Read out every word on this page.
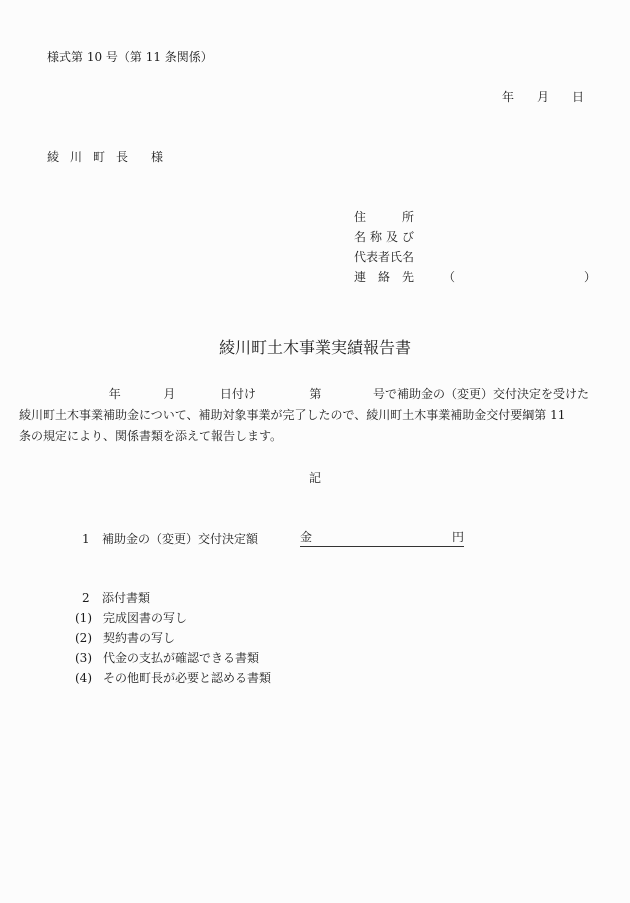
様式第 10 号（第 11 条関係）
年	月	日
綾 川 町 長	様
住	所
名 称 及 び
代表者氏名
連 絡 先 （	）
綾川町土木事業実績報告書
年	月	日付け	第	号で補助金の（変更）交付決定を受けた
綾川町土木事業補助金について、補助対象事業が完了したので、綾川町土木事業補助金交付要綱第 11
条の規定により、関係書類を添えて報告します。
記
1	補助金の（変更）交付決定額	金	円
2	添付書類
(1) 完成図書の写し
(2) 契約書の写し
(3) 代金の支払が確認できる書類
(4) その他町長が必要と認める書類
